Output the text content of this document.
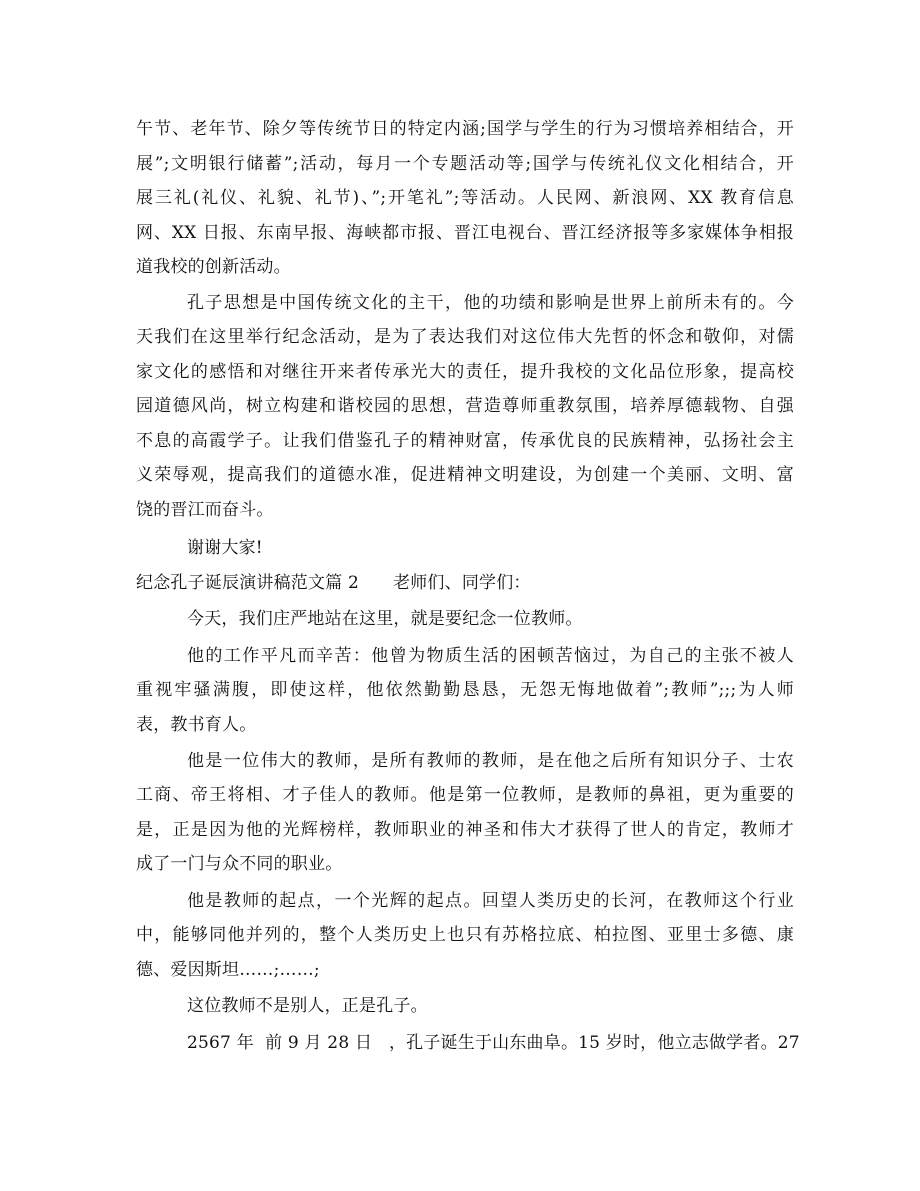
午节、老年节、除夕等传统节日的特定内涵;国学与学生的行为习惯培养相结合，开
展”;文明银行储蓄”;活动，每月一个专题活动等;国学与传统礼仪文化相结合，开
展三礼(礼仪、礼貌、礼节)、”;开笔礼”;等活动。人民网、新浪网、XX 教育信息
网、XX 日报、东南早报、海峡都市报、晋江电视台、晋江经济报等多家媒体争相报
道我校的创新活动。
孔子思想是中国传统文化的主干，他的功绩和影响是世界上前所未有的。今
天我们在这里举行纪念活动，是为了表达我们对这位伟大先哲的怀念和敬仰，对儒
家文化的感悟和对继往开来者传承光大的责任，提升我校的文化品位形象，提高校
园道德风尚，树立构建和谐校园的思想，营造尊师重教氛围，培养厚德载物、自强
不息的高霞学子。让我们借鉴孔子的精神财富，传承优良的民族精神，弘扬社会主
义荣辱观，提高我们的道德水准，促进精神文明建设，为创建一个美丽、文明、富
饶的晋江而奋斗。
谢谢大家!
纪念孔子诞辰演讲稿范文篇 2 老师们、同学们：
今天，我们庄严地站在这里，就是要纪念一位教师。
他的工作平凡而辛苦：他曾为物质生活的困顿苦恼过，为自己的主张不被人
重视牢骚满腹，即使这样，他依然勤勤恳恳，无怨无悔地做着”;教师”;;;为人师
表，教书育人。
他是一位伟大的教师，是所有教师的教师，是在他之后所有知识分子、士农
工商、帝王将相、才子佳人的教师。他是第一位教师，是教师的鼻祖，更为重要的
是，正是因为他的光辉榜样，教师职业的神圣和伟大才获得了世人的肯定，教师才
成了一门与众不同的职业。
他是教师的起点，一个光辉的起点。回望人类历史的长河，在教师这个行业
中，能够同他并列的，整个人类历史上也只有苏格拉底、柏拉图、亚里士多德、康
德、爱因斯坦……;……;
这位教师不是别人，正是孔子。
2567 年  前 9 月 28 日   ，孔子诞生于山东曲阜。15 岁时，他立志做学者。27
